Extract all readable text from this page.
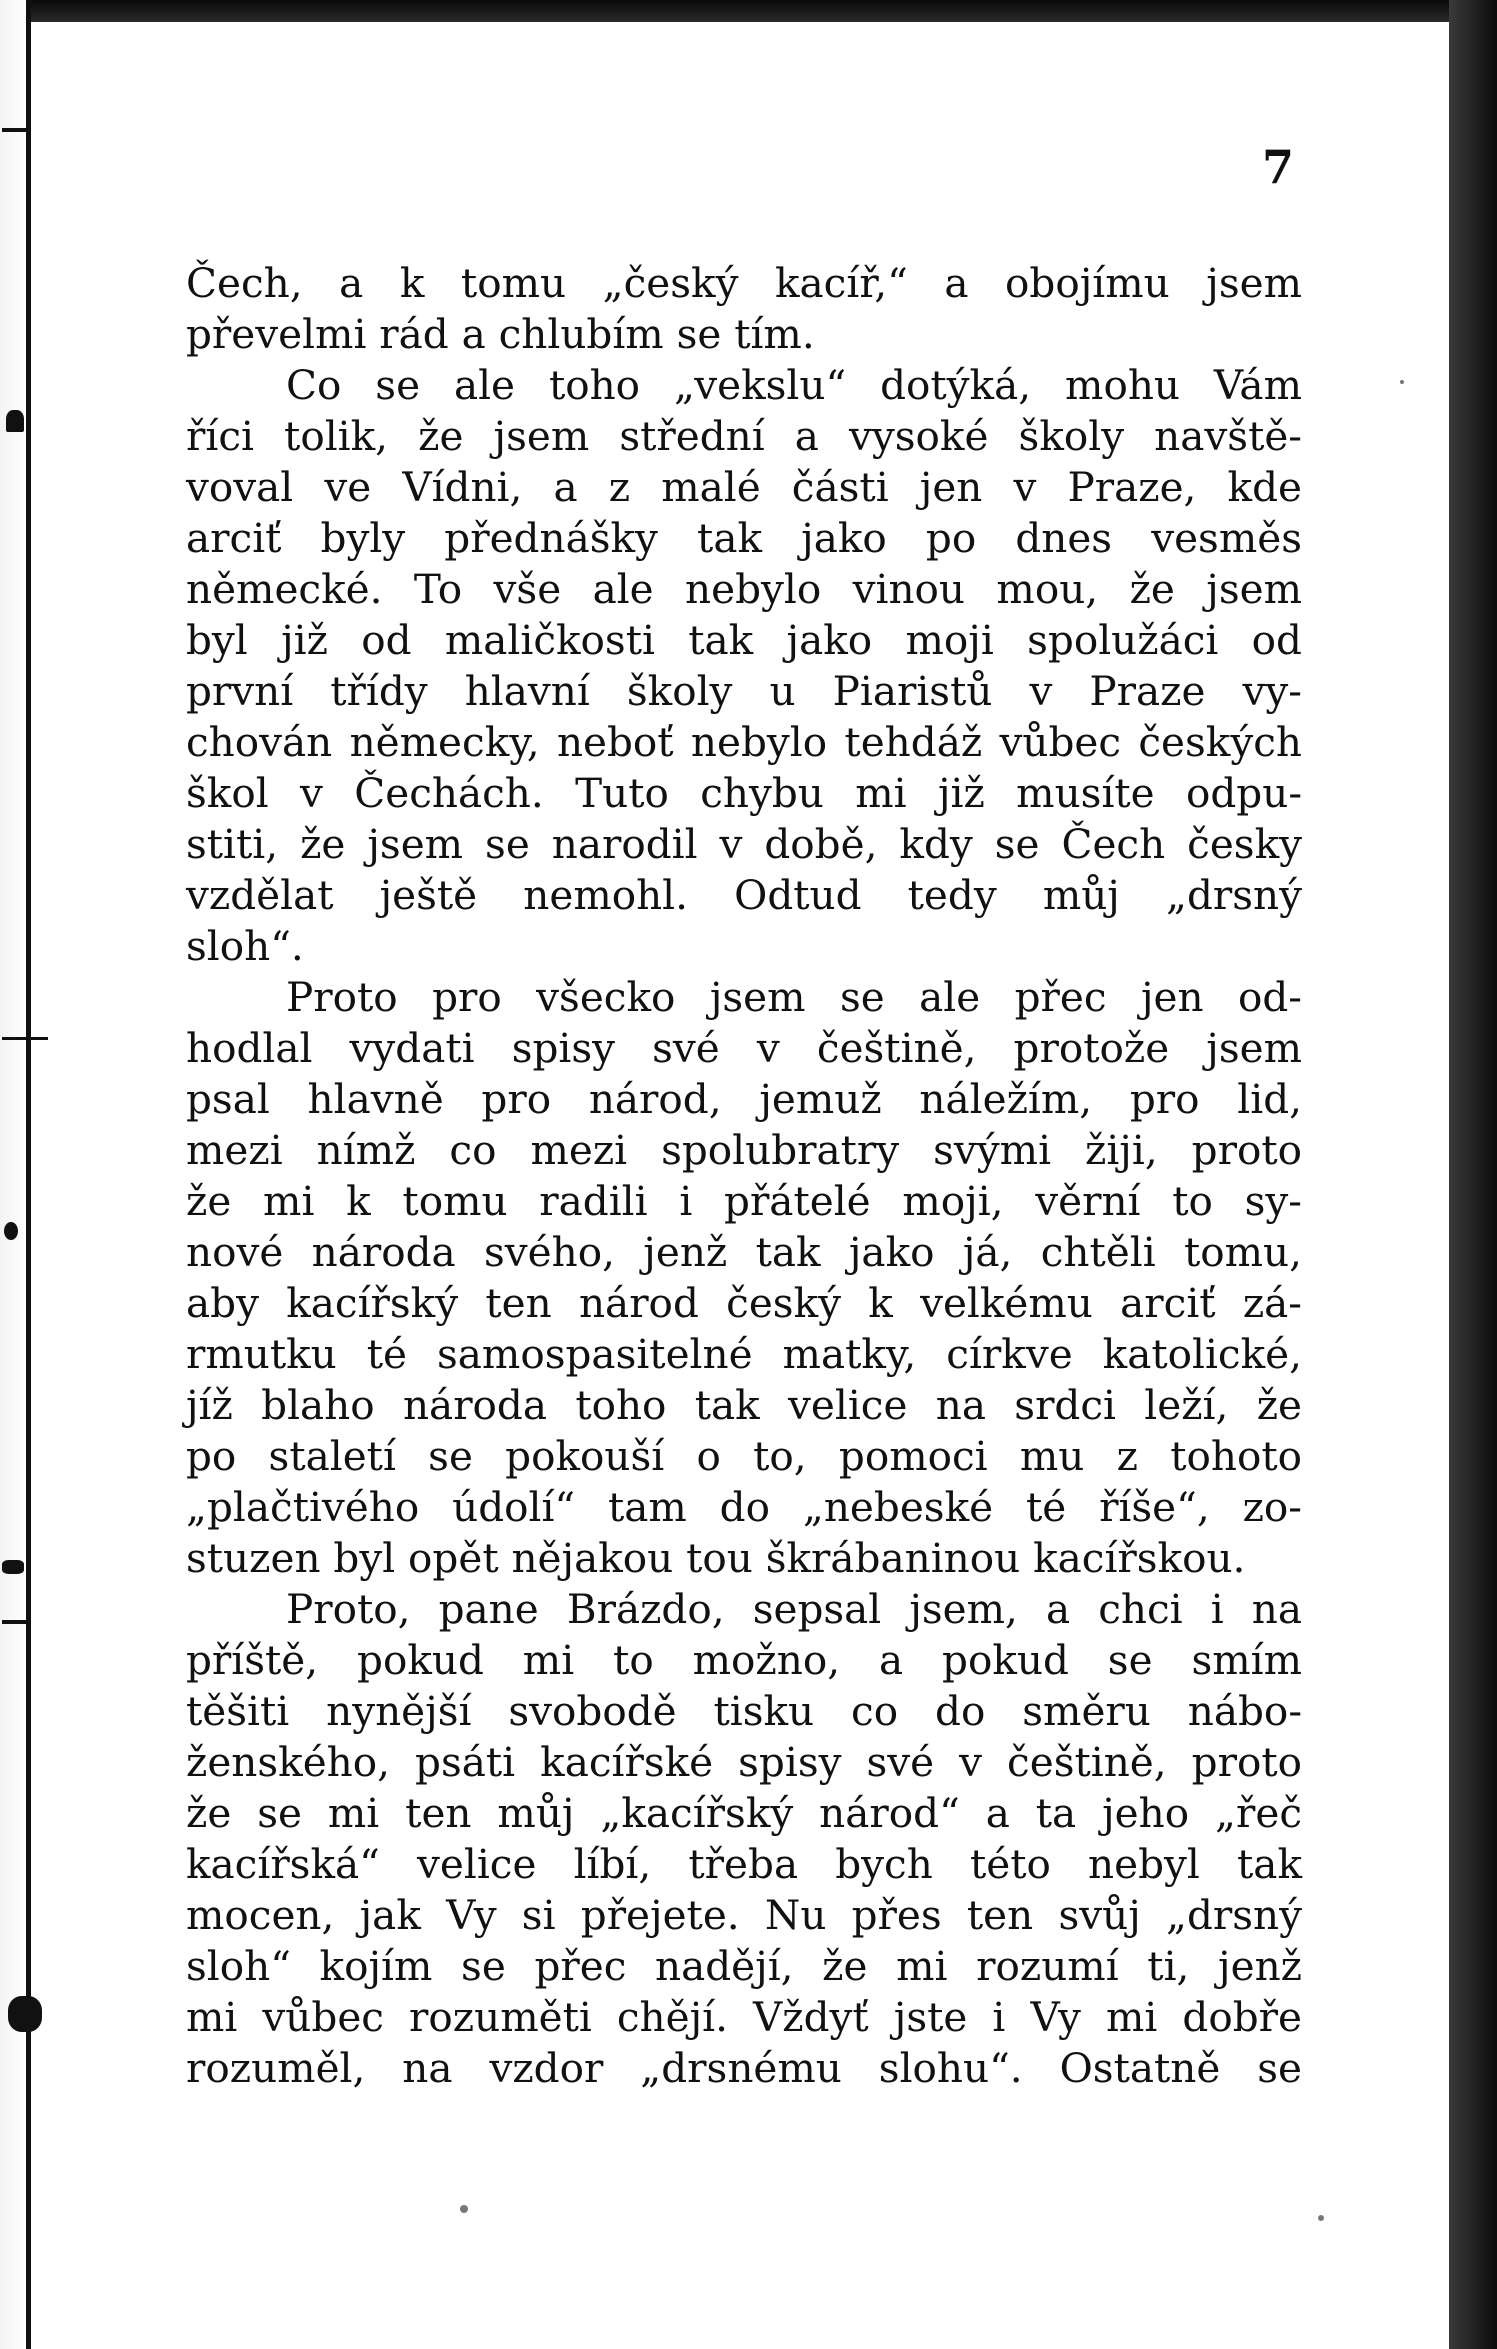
7
Čech, a k tomu „český kacíř,“ a obojímu jsem
převelmi rád a chlubím se tím.
Co se ale toho „vekslu“ dotýká, mohu Vám
říci tolik, že jsem střední a vysoké školy navště-
voval ve Vídni, a z malé části jen v Praze, kde
arciť byly přednášky tak jako po dnes vesměs
německé. To vše ale nebylo vinou mou, že jsem
byl již od maličkosti tak jako moji spolužáci od
první třídy hlavní školy u Piaristů v Praze vy-
chován německy, neboť nebylo tehdáž vůbec českých
škol v Čechách. Tuto chybu mi již musíte odpu-
stiti, že jsem se narodil v době, kdy se Čech česky
vzdělat ještě nemohl. Odtud tedy můj „drsný
sloh“.
Proto pro všecko jsem se ale přec jen od-
hodlal vydati spisy své v češtině, protože jsem
psal hlavně pro národ, jemuž náležím, pro lid,
mezi nímž co mezi spolubratry svými žiji, proto
že mi k tomu radili i přátelé moji, věrní to sy-
nové národa svého, jenž tak jako já, chtěli tomu,
aby kacířský ten národ český k velkému arciť zá-
rmutku té samospasitelné matky, církve katolické,
jíž blaho národa toho tak velice na srdci leží, že
po staletí se pokouší o to, pomoci mu z tohoto
„plačtivého údolí“ tam do „nebeské té říše“, zo-
stuzen byl opět nějakou tou škrábaninou kacířskou.
Proto, pane Brázdo, sepsal jsem, a chci i na
příště, pokud mi to možno, a pokud se smím
těšiti nynější svobodě tisku co do směru nábo-
ženského, psáti kacířské spisy své v češtině, proto
že se mi ten můj „kacířský národ“ a ta jeho „řeč
kacířská“ velice líbí, třeba bych této nebyl tak
mocen, jak Vy si přejete. Nu přes ten svůj „drsný
sloh“ kojím se přec nadějí, že mi rozumí ti, jenž
mi vůbec rozuměti chějí. Vždyť jste i Vy mi dobře
rozuměl, na vzdor „drsnému slohu“. Ostatně se
